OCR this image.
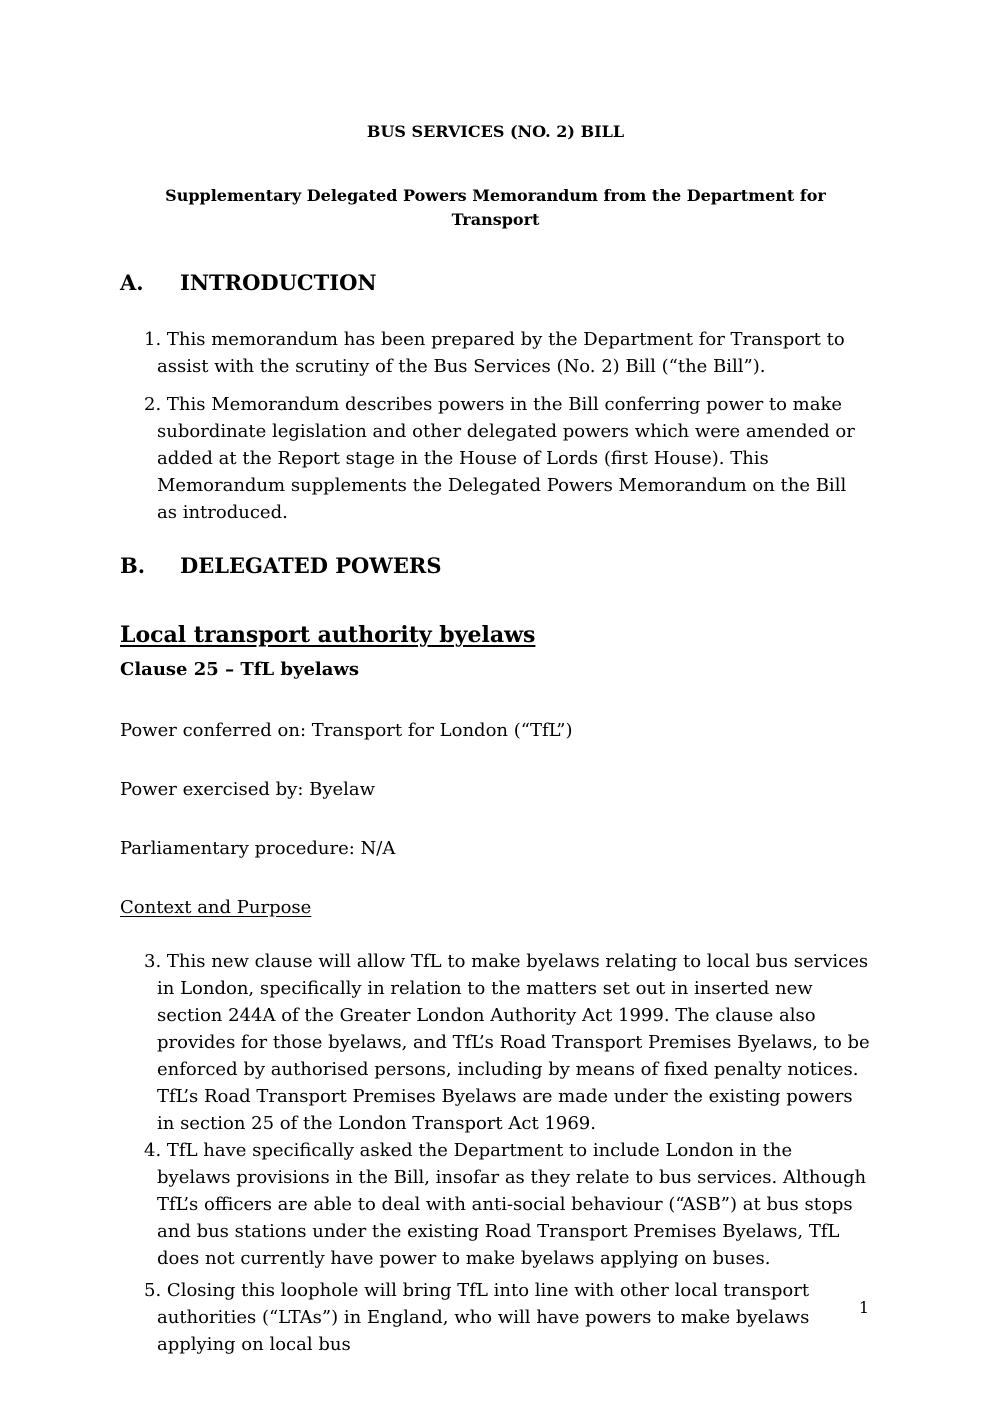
BUS SERVICES (NO. 2) BILL
Supplementary Delegated Powers Memorandum from the Department for Transport
A. INTRODUCTION

1. This memorandum has been prepared by the Department for Transport to assist with the scrutiny of the Bus Services (No. 2) Bill (“the Bill”).

2. This Memorandum describes powers in the Bill conferring power to make subordinate legislation and other delegated powers which were amended or added at the Report stage in the House of Lords (first House). This Memorandum supplements the Delegated Powers Memorandum on the Bill as introduced.

B. DELEGATED POWERS
Local transport authority byelaws
Clause 25 – TfL byelaws
Power conferred on: Transport for London (“TfL”)
Power exercised by: Byelaw
Parliamentary procedure: N/A
Context and Purpose

3. This new clause will allow TfL to make byelaws relating to local bus services in London, specifically in relation to the matters set out in inserted new section 244A of the Greater London Authority Act 1999. The clause also provides for those byelaws, and TfL’s Road Transport Premises Byelaws, to be enforced by authorised persons, including by means of fixed penalty notices. TfL’s Road Transport Premises Byelaws are made under the existing powers in section 25 of the London Transport Act 1969.

4. TfL have specifically asked the Department to include London in the byelaws provisions in the Bill, insofar as they relate to bus services. Although TfL’s officers are able to deal with anti-social behaviour (“ASB”) at bus stops and bus stations under the existing Road Transport Premises Byelaws, TfL does not currently have power to make byelaws applying on buses.

5. Closing this loophole will bring TfL into line with other local transport authorities (“LTAs”) in England, who will have powers to make byelaws applying on local bus

1
